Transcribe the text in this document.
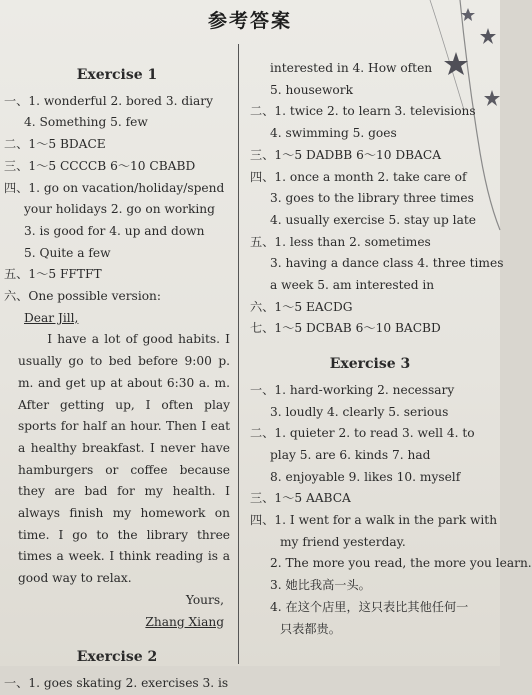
参考答案
Exercise 1
一、1. wonderful 2. bored 3. diary
4. Something 5. few
二、1～5 BDACE
三、1～5 CCCCB 6～10 CBABD
四、1. go on vacation/holiday/spend
your holidays 2. go on working
3. is good for 4. up and down
5. Quite a few
五、1～5 FFTFT
六、One possible version:
Dear Jill,
I have a lot of good habits. I usually go to bed before 9:00 p. m. and get up at about 6:30 a. m. After getting up, I often play sports for half an hour. Then I eat a healthy breakfast. I never have hamburgers or coffee because they are bad for my health. I always finish my homework on time. I go to the library three times a week. I think reading is a good way to relax.
Yours,
Zhang Xiang
Exercise 2
一、1. goes skating 2. exercises 3. is
interested in 4. How often
5. housework
二、1. twice 2. to learn 3. televisions
4. swimming 5. goes
三、1～5 DADBB 6～10 DBACA
四、1. once a month 2. take care of
3. goes to the library three times
4. usually exercise 5. stay up late
五、1. less than 2. sometimes
3. having a dance class 4. three times
a week 5. am interested in
六、1～5 EACDG
七、1～5 DCBAB 6～10 BACBD
Exercise 3
一、1. hard-working 2. necessary
3. loudly 4. clearly 5. serious
二、1. quieter 2. to read 3. well 4. to
play 5. are 6. kinds 7. had
8. enjoyable 9. likes 10. myself
三、1～5 AABCA
四、1. I went for a walk in the park with
my friend yesterday.
2. The more you read, the more you learn.
3. 她比我高一头。
4. 在这个店里，这只表比其他任何一
只表都贵。
